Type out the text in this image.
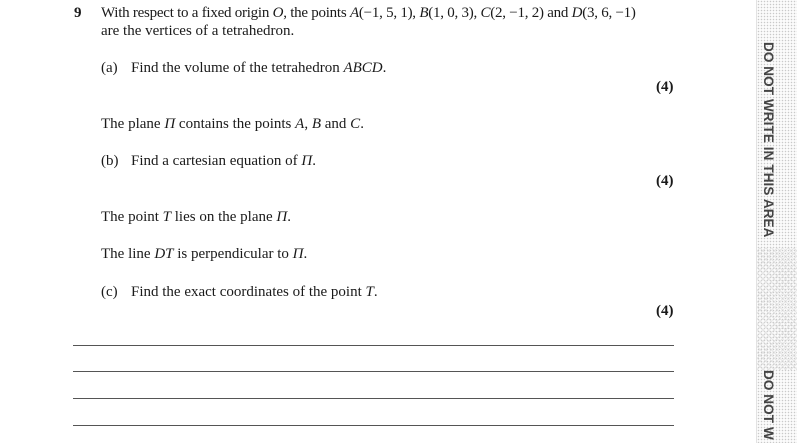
9 With respect to a fixed origin O, the points A(−1, 5, 1), B(1, 0, 3), C(2, −1, 2) and D(3, 6, −1)
are the vertices of a tetrahedron.
(a) Find the volume of the tetrahedron ABCD.
(4)
The plane Π contains the points A, B and C.
(b) Find a cartesian equation of Π.
(4)
The point T lies on the plane Π.
The line DT is perpendicular to Π.
(c) Find the exact coordinates of the point T.
(4)
DO NOT WRITE IN THIS AREA
DO NOT W
